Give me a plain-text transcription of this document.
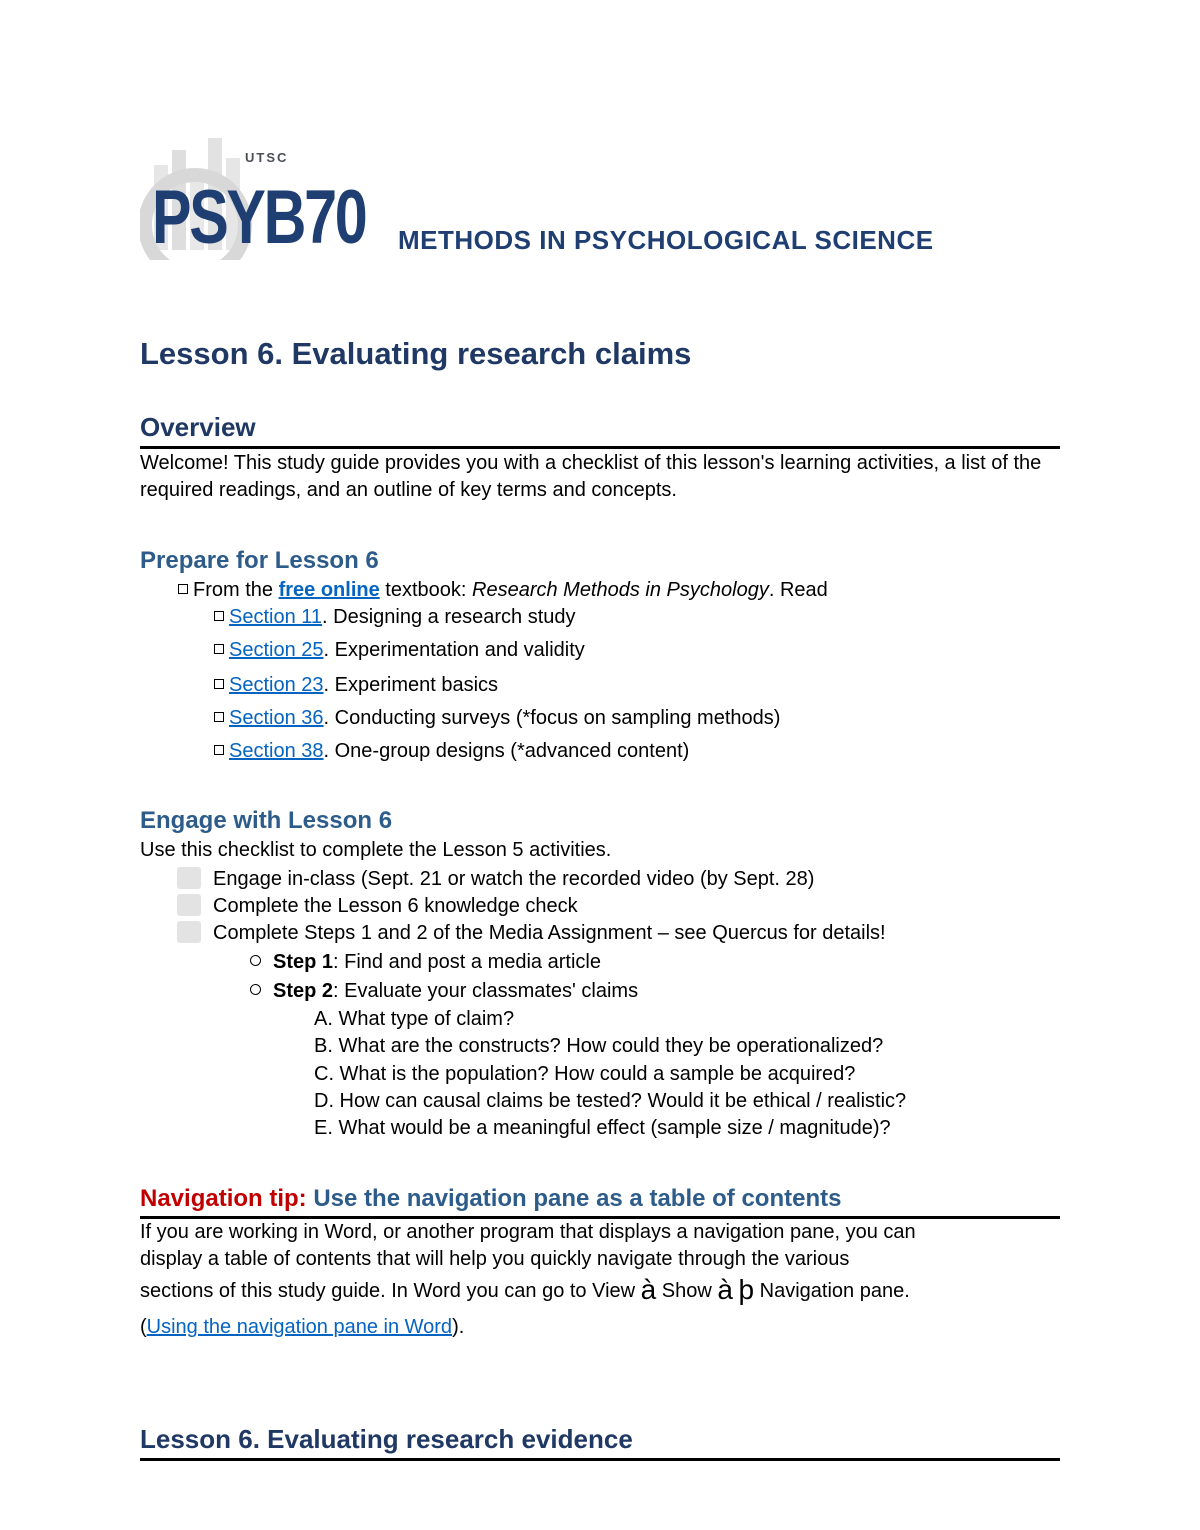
UTSC
PSYB70 METHODS IN PSYCHOLOGICAL SCIENCE
Lesson 6. Evaluating research claims
Overview

Welcome! This study guide provides you with a checklist of this lesson's learning activities, a list of the required readings, and an outline of key terms and concepts.

Prepare for Lesson 6
From the free online textbook: Research Methods in Psychology. Read
Section 11. Designing a research study
Section 25. Experimentation and validity
Section 23. Experiment basics
Section 36. Conducting surveys (*focus on sampling methods)
Section 38. One-group designs (*advanced content)
Engage with Lesson 6
Use this checklist to complete the Lesson 5 activities.
Engage in-class (Sept. 21 or watch the recorded video (by Sept. 28)
Complete the Lesson 6 knowledge check
Complete Steps 1 and 2 of the Media Assignment – see Quercus for details!
Step 1: Find and post a media article
Step 2: Evaluate your classmates' claims
A. What type of claim?
B. What are the constructs? How could they be operationalized?
C. What is the population? How could a sample be acquired?
D. How can causal claims be tested? Would it be ethical / realistic?
E. What would be a meaningful effect (sample size / magnitude)?
Navigation tip: Use the navigation pane as a table of contents
If you are working in Word, or another program that displays a navigation pane, you can
display a table of contents that will help you quickly navigate through the various
sections of this study guide. In Word you can go to View à Show à þ Navigation pane.
(Using the navigation pane in Word).
Lesson 6. Evaluating research evidence
